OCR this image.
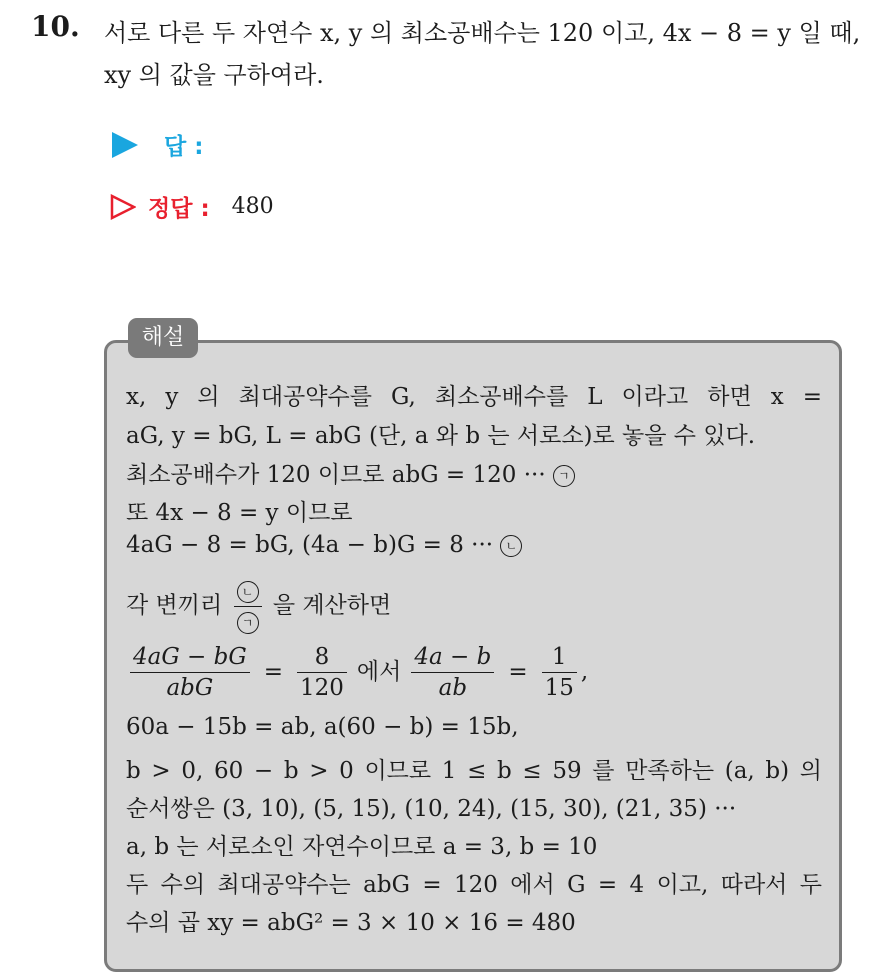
10. 서로 다른 두 자연수 x, y 의 최소공배수는 120 이고, 4x − 8 = y 일 때,
xy 의 값을 구하여라.
답 :
정답 : 480
해설
x, y 의 최대공약수를 G, 최소공배수를 L 이라고 하면 x =
aG, y = bG, L = abG (단, a 와 b 는 서로소)로 놓을 수 있다.
최소공배수가 120 이므로 abG = 120 ··· ㄱ
또 4x − 8 = y 이므로
4aG − 8 = bG, (4a − b)G = 8 ··· ㄴ
각 변끼리 $\frac{\text{ㄴ}}{\text{ㄱ}}$ 을 계산하면
$\frac{4aG - bG}{\text{abG}} = \frac{8}{120}$ 에서 $\frac{4a - b}{ab} = \frac{1}{15}$ ,
60a − 15b = ab, a(60 − b) = 15b,
b > 0, 60 − b > 0 이므로 1 ≤ b ≤ 59 를 만족하는 (a, b) 의
순서쌍은 (3, 10), (5, 15), (10, 24), (15, 30), (21, 35) ···
a, b 는 서로소인 자연수이므로 a = 3, b = 10
두 수의 최대공약수는 abG = 120 에서 G = 4 이고, 따라서 두
수의 곱 xy = abG² = 3 × 10 × 16 = 480
